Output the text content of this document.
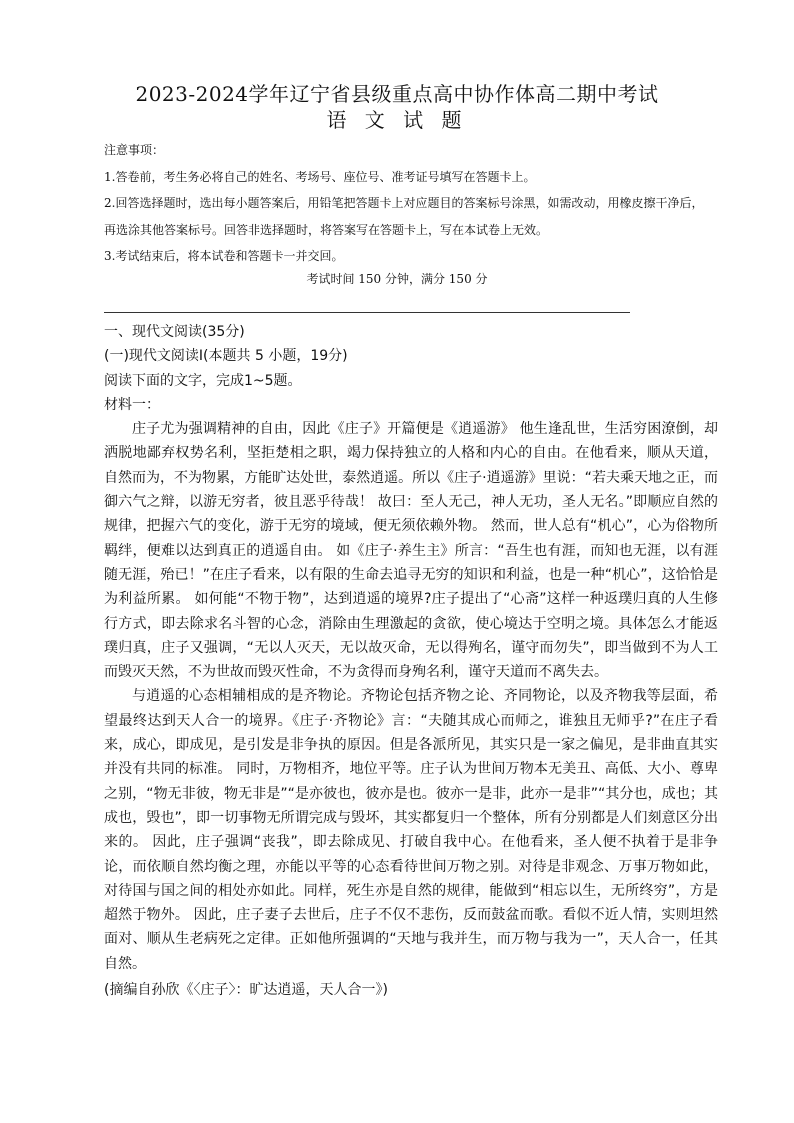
2023-2024学年辽宁省县级重点高中协作体高二期中考试
语 文 试 题

注意事项：

1.答卷前，考生务必将自己的姓名、考场号、座位号、准考证号填写在答题卡上。

2.回答选择题时，选出每小题答案后，用铅笔把答题卡上对应题目的答案标号涂黑，如需改动，用橡皮擦干净后，再选涂其他答案标号。回答非选择题时，将答案写在答题卡上，写在本试卷上无效。

3.考试结束后，将本试卷和答题卡一并交回。

考试时间 150 分钟，满分 150 分

一、现代文阅读(35分)

(一)现代文阅读Ⅰ(本题共 5 小题，19分)

阅读下面的文字，完成1~5题。

材料一：

庄子尤为强调精神的自由，因此《庄子》开篇便是《逍遥游》 他生逢乱世，生活穷困潦倒，却洒脱地鄙弃权势名利，坚拒楚相之职，竭力保持独立的人格和内心的自由。在他看来，顺从天道，自然而为，不为物累，方能旷达处世，泰然逍遥。所以《庄子·逍遥游》里说：“若夫乘天地之正，而御六气之辩，以游无穷者，彼且恶乎待哉！ 故曰：至人无己，神人无功，圣人无名。”即顺应自然的规律，把握六气的变化，游于无穷的境域，便无须依赖外物。 然而，世人总有“机心”，心为俗物所羁绊，便难以达到真正的逍遥自由。 如《庄子·养生主》所言：“吾生也有涯，而知也无涯，以有涯随无涯，殆已！”在庄子看来，以有限的生命去追寻无穷的知识和利益，也是一种“机心”，这恰恰是为利益所累。 如何能“不物于物”，达到逍遥的境界?庄子提出了“心斋”这样一种返璞归真的人生修行方式，即去除求名斗智的心念，消除由生理激起的贪欲，使心境达于空明之境。具体怎么才能返璞归真，庄子又强调，“无以人灭天，无以故灭命，无以得殉名，谨守而勿失”，即当做到不为人工而毁灭天然，不为世故而毁灭性命，不为贪得而身殉名利，谨守天道而不离失去。

与逍遥的心态相辅相成的是齐物论。齐物论包括齐物之论、齐同物论，以及齐物我等层面，希望最终达到天人合一的境界。《庄子·齐物论》言：“夫随其成心而师之，谁独且无师乎?”在庄子看来，成心，即成见，是引发是非争执的原因。但是各派所见，其实只是一家之偏见，是非曲直其实并没有共同的标准。 同时，万物相齐，地位平等。庄子认为世间万物本无美丑、高低、大小、尊卑之别，“物无非彼，物无非是”“是亦彼也，彼亦是也。彼亦一是非，此亦一是非”“其分也，成也；其成也，毁也”，即一切事物无所谓完成与毁坏，其实都复归一个整体，所有分别都是人们刻意区分出来的。 因此，庄子强调“丧我”，即去除成见、打破自我中心。在他看来，圣人便不执着于是非争论，而依顺自然均衡之理，亦能以平等的心态看待世间万物之别。对待是非观念、万事万物如此，对待国与国之间的相处亦如此。同样，死生亦是自然的规律，能做到“相忘以生，无所终穷”，方是超然于物外。 因此，庄子妻子去世后，庄子不仅不悲伤，反而鼓盆而歌。看似不近人情，实则坦然面对、顺从生老病死之定律。正如他所强调的“天地与我并生，而万物与我为一”，天人合一，任其自然。

(摘编自孙欣《〈庄子〉：旷达逍遥，天人合一》)
